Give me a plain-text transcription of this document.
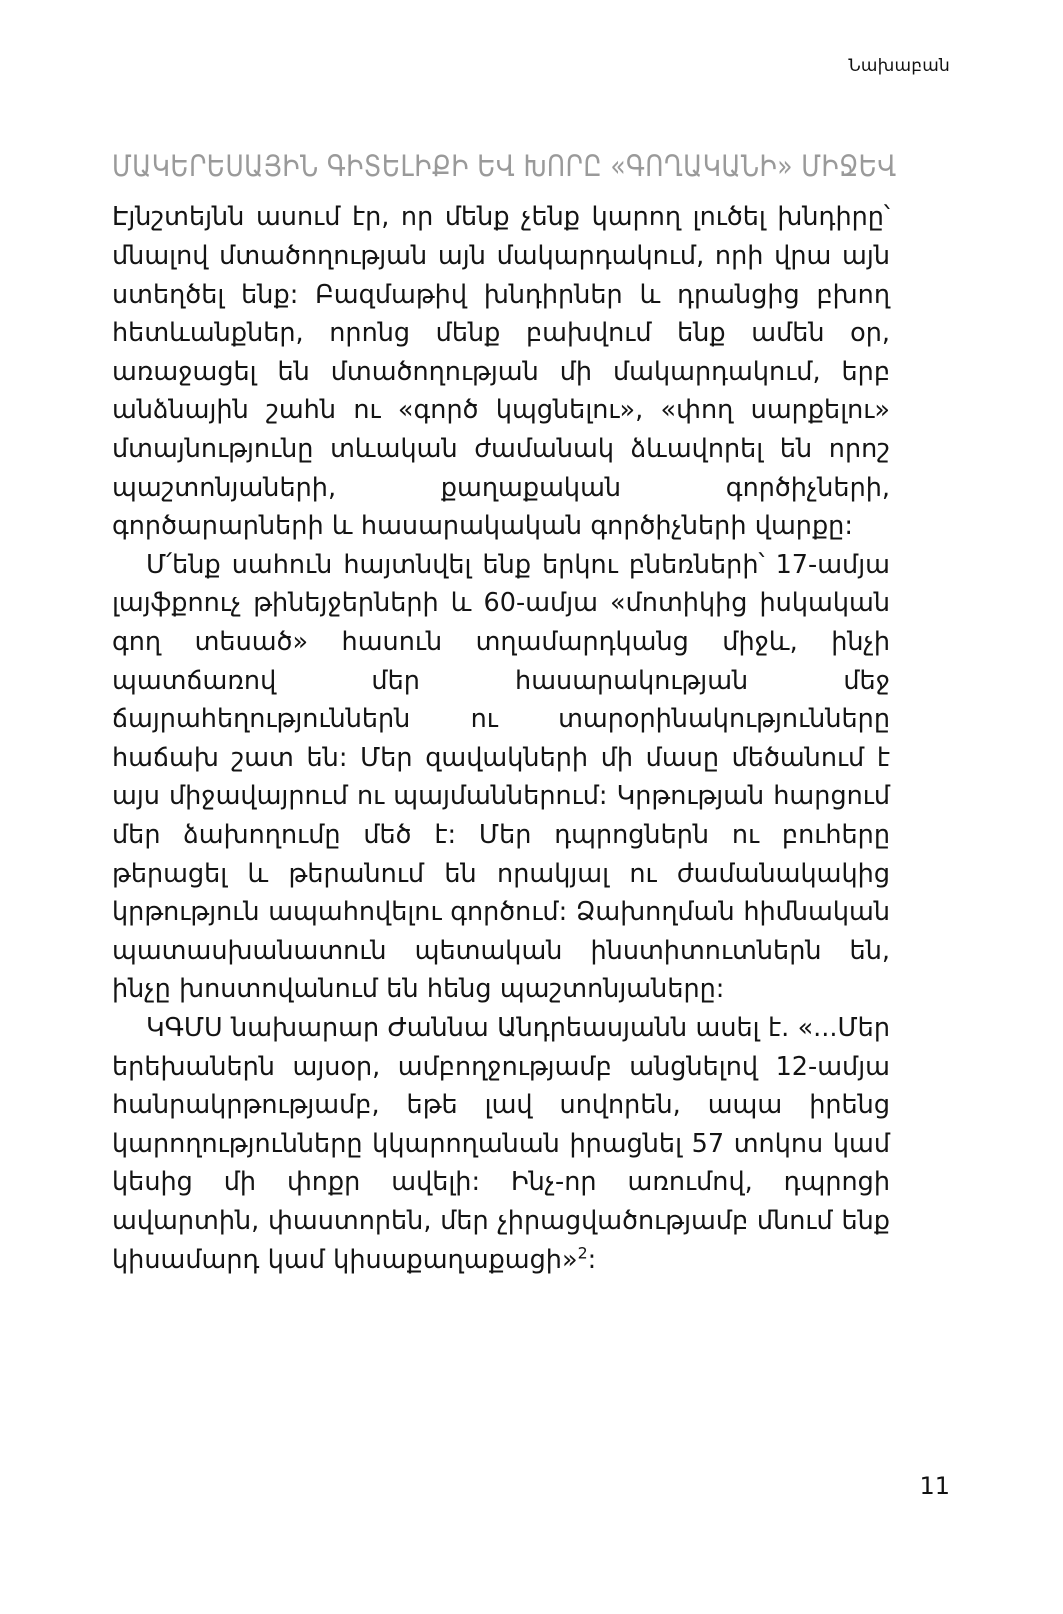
Նախաբան
ՄԱԿԵՐԵՍԱՅԻՆ ԳԻՏԵԼԻՔԻ ԵՎ ԽՈՐԸ «ԳՈՂԱԿԱՆԻ» ՄԻՋԵՎ

Էյնշտեյնն ասում էր, որ մենք չենք կարող լուծել խնդիրը՝ մնալով մտածողության այն մակարդակում, որի վրա այն ստեղծել ենք: Բազմաթիվ խնդիրներ և դրանցից բխող հետևանքներ, որոնց մենք բախվում ենք ամեն օր, առաջացել են մտածողության մի մակարդակում, երբ անձնային շահն ու «գործ կպցնելու», «փող սարքելու» մտայնությունը տևական ժամանակ ձևավորել են որոշ պաշտոնյաների, քաղաքական գործիչների, գործարարների և հասարակական գործիչների վարքը:

Մ՛ենք սահուն հայտնվել ենք երկու բնեռների՝ 17-ամյա լայֆքոուչ թինեյջերների և 60-ամյա «մոտիկից իսկական գող տեսած» հասուն տղամարդկանց միջև, ինչի պատճառով մեր հասարակության մեջ ճայրահեղություններն ու տարօրինակությունները հաճախ շատ են: Մեր զավակների մի մասը մեծանում է այս միջավայրում ու պայմաններում: Կրթության հարցում մեր ձախողումը մեծ է: Մեր դպրոցներն ու բուհերը թերացել և թերանում են որակյալ ու ժամանակակից կրթություն ապահովելու գործում: Ձախողման հիմնական պատասխանատուն պետական ինստիտուտներն են, ինչը խոստովանում են հենց պաշտոնյաները:

ԿԳՄՍ նախարար Ժաննա Անդրեասյանն ասել է. «...Մեր երեխաներն այսօր, ամբողջությամբ անցնելով 12-ամյա հանրակրթությամբ, եթե լավ սովորեն, ապա իրենց կարողությունները կկարողանան իրացնել 57 տոկոս կամ կեսից մի փոքր ավելի: Ինչ-որ առումով, դպրոցի ավարտին, փաստորեն, մեր չիրացվածությամբ մնում ենք կիսամարդ կամ կիսաքաղաքացի»$^2$:

11
